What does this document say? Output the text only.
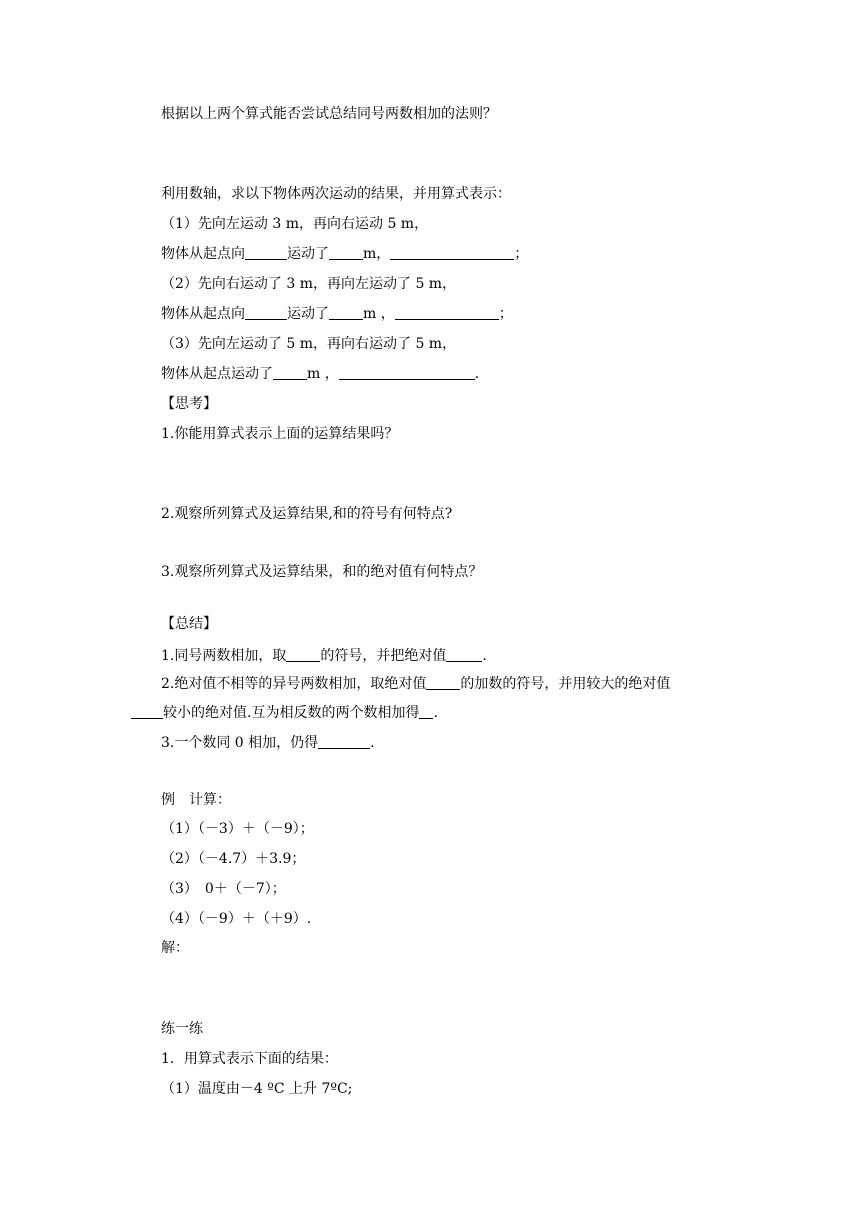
根据以上两个算式能否尝试总结同号两数相加的法则？
利用数轴，求以下物体两次运动的结果，并用算式表示：
（1）先向左运动 3 m，再向右运动 5 m，
物体从起点向	运动了 m，	；
（2）先向右运动了 3 m，再向左运动了 5 m，
物体从起点向	运动了 m ，	；
（3）先向左运动了 5 m，再向右运动了 5 m，
物体从起点运动了 m ，	.
【思考】
1.你能用算式表示上面的运算结果吗？
2.观察所列算式及运算结果,和的符号有何特点?
3.观察所列算式及运算结果，和的绝对值有何特点？
【总结】
1.同号两数相加，取 的符号，并把绝对值	.
2.绝对值不相等的异号两数相加，取绝对值 的加数的符号，并用较大的绝对值
较小的绝对值.互为相反数的两个数相加得 .
3.一个数同 0 相加，仍得	.
例　计算：
（1）（－3）＋（－9）；
（2）（－4.7）＋3.9；
（3）　0＋（－7）；
（4）（－9）＋（＋9）.
解：
练一练
1．用算式表示下面的结果：
（1）温度由－4 ºC 上升 7ºC;
